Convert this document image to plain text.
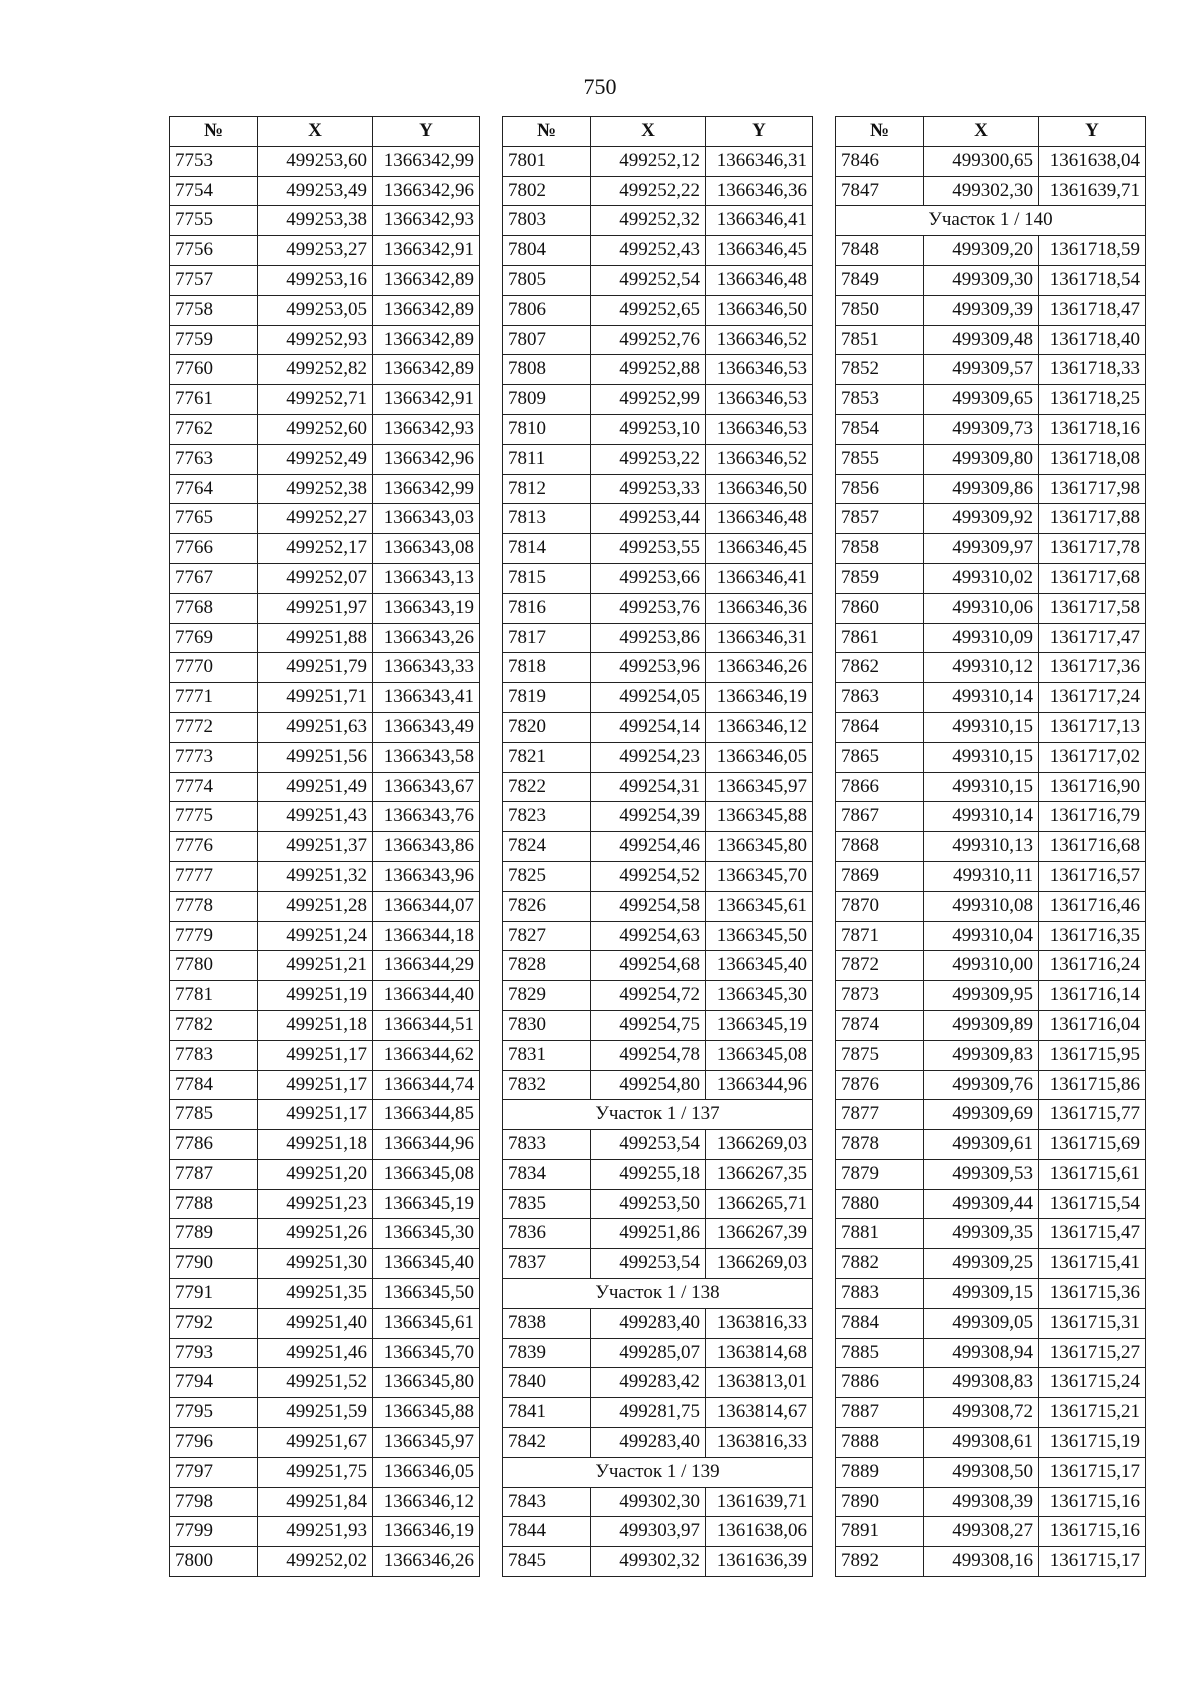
750
№	X	Y
7753	499253,60	1366342,99
7754	499253,49	1366342,96
7755	499253,38	1366342,93
7756	499253,27	1366342,91
7757	499253,16	1366342,89
7758	499253,05	1366342,89
7759	499252,93	1366342,89
7760	499252,82	1366342,89
7761	499252,71	1366342,91
7762	499252,60	1366342,93
7763	499252,49	1366342,96
7764	499252,38	1366342,99
7765	499252,27	1366343,03
7766	499252,17	1366343,08
7767	499252,07	1366343,13
7768	499251,97	1366343,19
7769	499251,88	1366343,26
7770	499251,79	1366343,33
7771	499251,71	1366343,41
7772	499251,63	1366343,49
7773	499251,56	1366343,58
7774	499251,49	1366343,67
7775	499251,43	1366343,76
7776	499251,37	1366343,86
7777	499251,32	1366343,96
7778	499251,28	1366344,07
7779	499251,24	1366344,18
7780	499251,21	1366344,29
7781	499251,19	1366344,40
7782	499251,18	1366344,51
7783	499251,17	1366344,62
7784	499251,17	1366344,74
7785	499251,17	1366344,85
7786	499251,18	1366344,96
7787	499251,20	1366345,08
7788	499251,23	1366345,19
7789	499251,26	1366345,30
7790	499251,30	1366345,40
7791	499251,35	1366345,50
7792	499251,40	1366345,61
7793	499251,46	1366345,70
7794	499251,52	1366345,80
7795	499251,59	1366345,88
7796	499251,67	1366345,97
7797	499251,75	1366346,05
7798	499251,84	1366346,12
7799	499251,93	1366346,19
7800	499252,02	1366346,26
№	X	Y
7801	499252,12	1366346,31
7802	499252,22	1366346,36
7803	499252,32	1366346,41
7804	499252,43	1366346,45
7805	499252,54	1366346,48
7806	499252,65	1366346,50
7807	499252,76	1366346,52
7808	499252,88	1366346,53
7809	499252,99	1366346,53
7810	499253,10	1366346,53
7811	499253,22	1366346,52
7812	499253,33	1366346,50
7813	499253,44	1366346,48
7814	499253,55	1366346,45
7815	499253,66	1366346,41
7816	499253,76	1366346,36
7817	499253,86	1366346,31
7818	499253,96	1366346,26
7819	499254,05	1366346,19
7820	499254,14	1366346,12
7821	499254,23	1366346,05
7822	499254,31	1366345,97
7823	499254,39	1366345,88
7824	499254,46	1366345,80
7825	499254,52	1366345,70
7826	499254,58	1366345,61
7827	499254,63	1366345,50
7828	499254,68	1366345,40
7829	499254,72	1366345,30
7830	499254,75	1366345,19
7831	499254,78	1366345,08
7832	499254,80	1366344,96
Участок 1 / 137		
7833	499253,54	1366269,03
7834	499255,18	1366267,35
7835	499253,50	1366265,71
7836	499251,86	1366267,39
7837	499253,54	1366269,03
Участок 1 / 138		
7838	499283,40	1363816,33
7839	499285,07	1363814,68
7840	499283,42	1363813,01
7841	499281,75	1363814,67
7842	499283,40	1363816,33
Участок 1 / 139		
7843	499302,30	1361639,71
7844	499303,97	1361638,06
7845	499302,32	1361636,39
№	X	Y
7846	499300,65	1361638,04
7847	499302,30	1361639,71
Участок 1 / 140		
7848	499309,20	1361718,59
7849	499309,30	1361718,54
7850	499309,39	1361718,47
7851	499309,48	1361718,40
7852	499309,57	1361718,33
7853	499309,65	1361718,25
7854	499309,73	1361718,16
7855	499309,80	1361718,08
7856	499309,86	1361717,98
7857	499309,92	1361717,88
7858	499309,97	1361717,78
7859	499310,02	1361717,68
7860	499310,06	1361717,58
7861	499310,09	1361717,47
7862	499310,12	1361717,36
7863	499310,14	1361717,24
7864	499310,15	1361717,13
7865	499310,15	1361717,02
7866	499310,15	1361716,90
7867	499310,14	1361716,79
7868	499310,13	1361716,68
7869	499310,11	1361716,57
7870	499310,08	1361716,46
7871	499310,04	1361716,35
7872	499310,00	1361716,24
7873	499309,95	1361716,14
7874	499309,89	1361716,04
7875	499309,83	1361715,95
7876	499309,76	1361715,86
7877	499309,69	1361715,77
7878	499309,61	1361715,69
7879	499309,53	1361715,61
7880	499309,44	1361715,54
7881	499309,35	1361715,47
7882	499309,25	1361715,41
7883	499309,15	1361715,36
7884	499309,05	1361715,31
7885	499308,94	1361715,27
7886	499308,83	1361715,24
7887	499308,72	1361715,21
7888	499308,61	1361715,19
7889	499308,50	1361715,17
7890	499308,39	1361715,16
7891	499308,27	1361715,16
7892	499308,16	1361715,17
